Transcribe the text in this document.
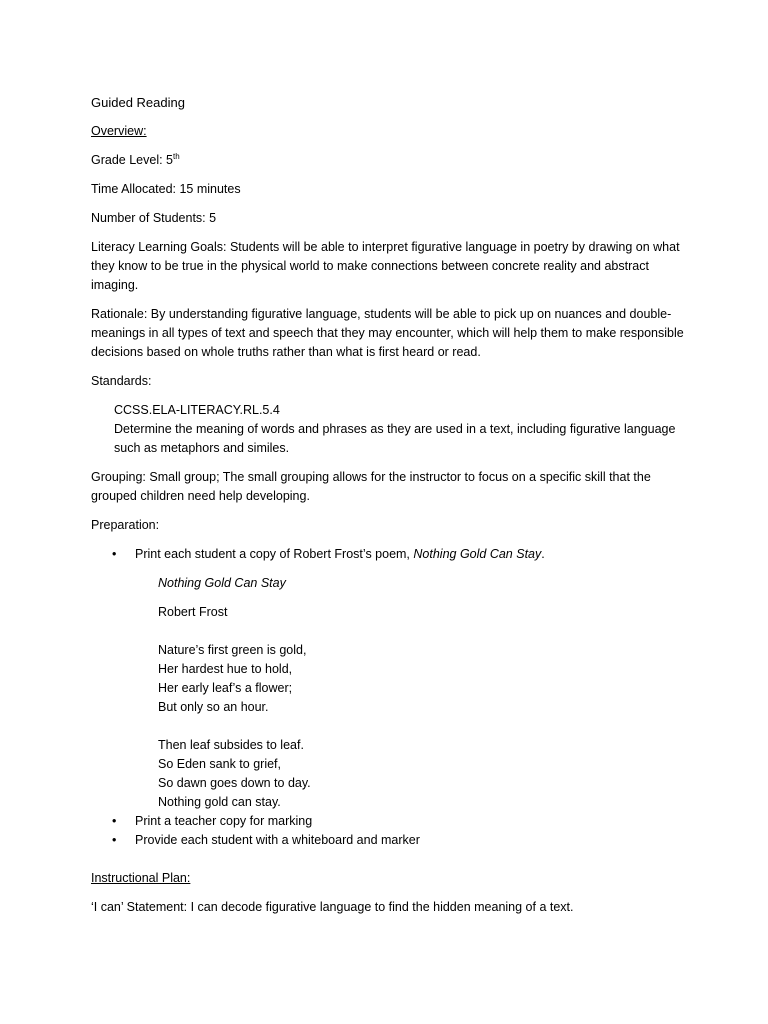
Guided Reading
Overview:
Grade Level: 5th
Time Allocated: 15 minutes
Number of Students: 5
Literacy Learning Goals: Students will be able to interpret figurative language in poetry by drawing on what they know to be true in the physical world to make connections between concrete reality and abstract imaging.
Rationale: By understanding figurative language, students will be able to pick up on nuances and double-meanings in all types of text and speech that they may encounter, which will help them to make responsible decisions based on whole truths rather than what is first heard or read.
Standards:
CCSS.ELA-LITERACY.RL.5.4
Determine the meaning of words and phrases as they are used in a text, including figurative language such as metaphors and similes.
Grouping: Small group; The small grouping allows for the instructor to focus on a specific skill that the grouped children need help developing.
Preparation:
• Print each student a copy of Robert Frost’s poem, Nothing Gold Can Stay.
Nothing Gold Can Stay
Robert Frost
Nature’s first green is gold,
Her hardest hue to hold,
Her early leaf’s a flower;
But only so an hour.
Then leaf subsides to leaf.
So Eden sank to grief,
So dawn goes down to day.
Nothing gold can stay.
• Print a teacher copy for marking
• Provide each student with a whiteboard and marker
Instructional Plan:
‘I can’ Statement: I can decode figurative language to find the hidden meaning of a text.
